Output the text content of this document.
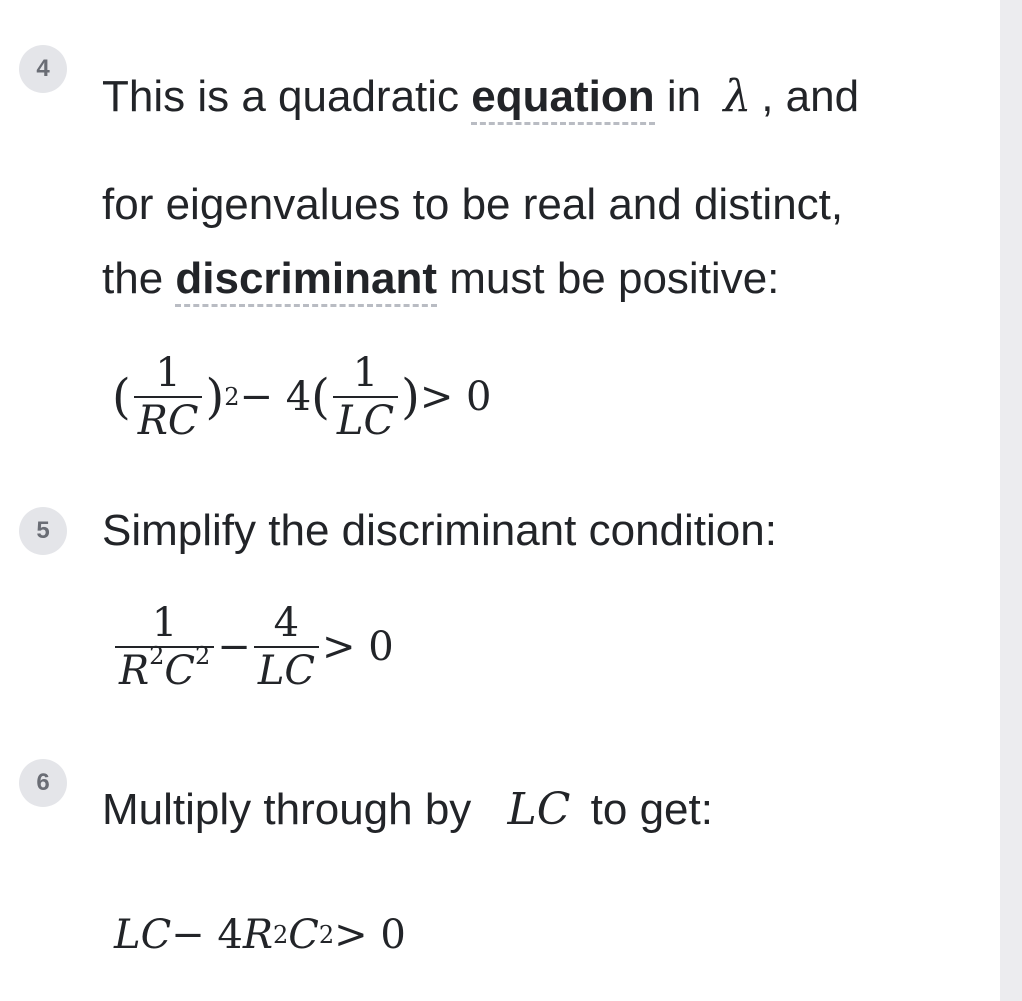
4
This is a quadratic equation in λ , and
for eigenvalues to be real and distinct,
the discriminant must be positive:
( $\frac{1}{RC}$ ) 2 − 4 ( $\frac{1}{LC}$ ) > 0
5	Simplify the discriminant condition:
$\frac{1}{R^2C^2} - \frac{4}{LC} > 0$
6
Multiply through by LC to get:
LC − 4 R 2 C 2 > 0
